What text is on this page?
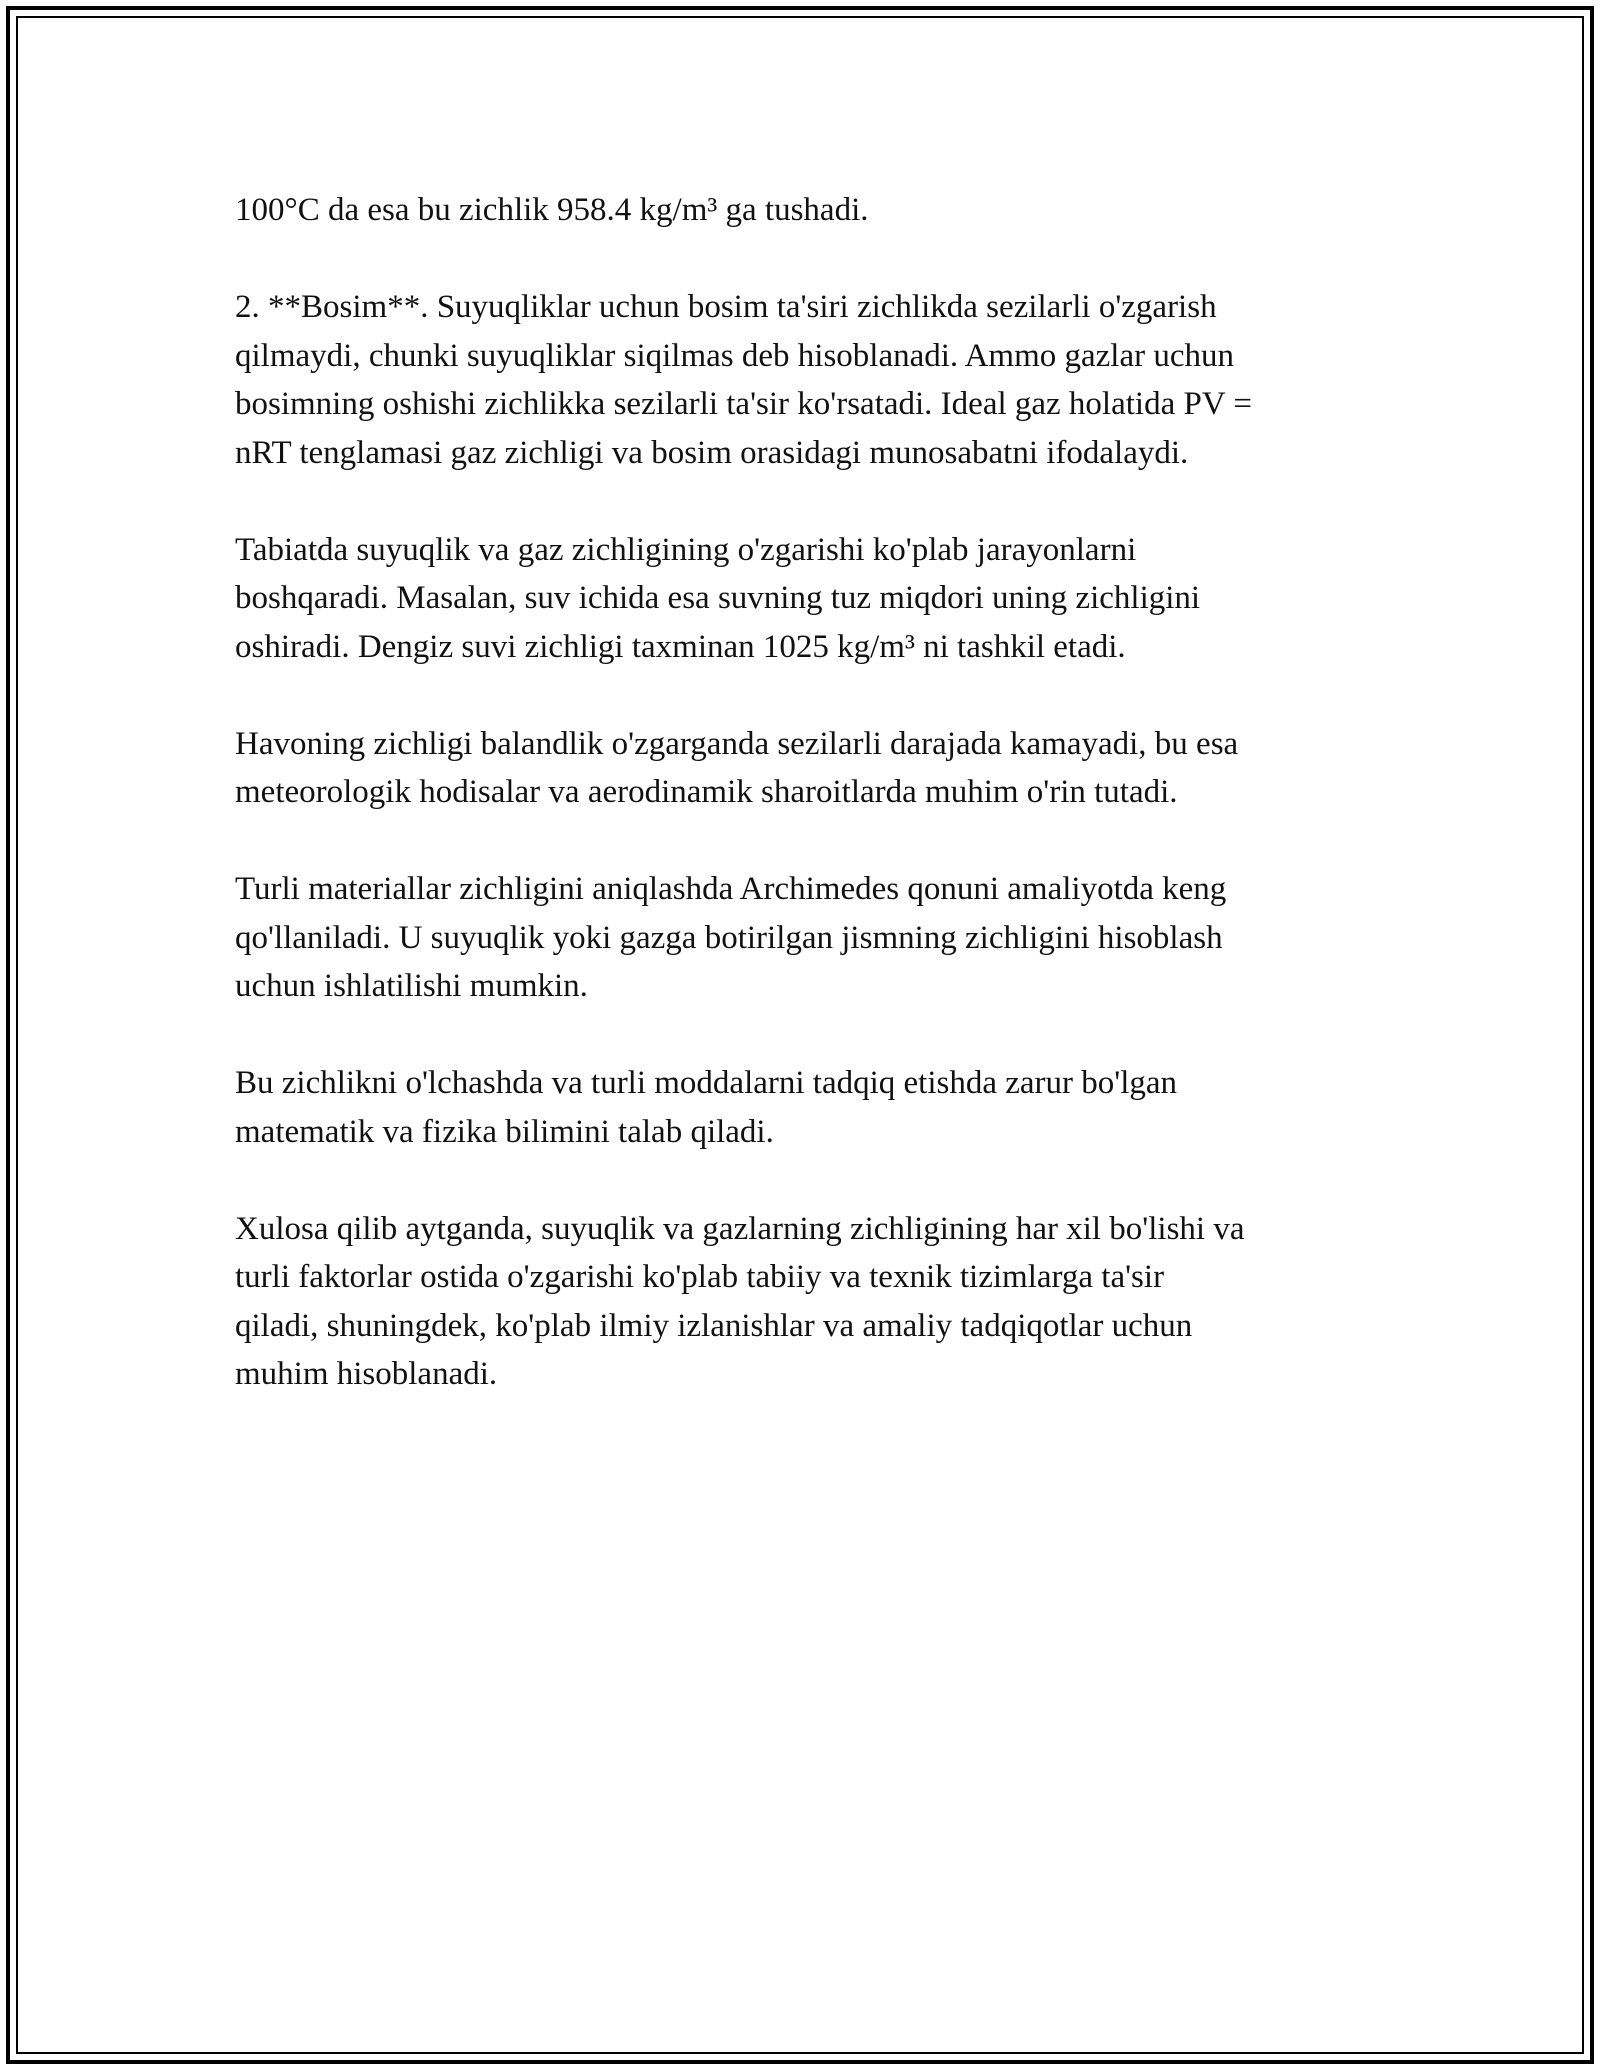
100°C da esa bu zichlik 958.4 kg/m³ ga tushadi.

2. **Bosim**. Suyuqliklar uchun bosim ta'siri zichlikda sezilarli o'zgarish
qilmaydi, chunki suyuqliklar siqilmas deb hisoblanadi. Ammo gazlar uchun
bosimning oshishi zichlikka sezilarli ta'sir ko'rsatadi. Ideal gaz holatida PV =
nRT tenglamasi gaz zichligi va bosim orasidagi munosabatni ifodalaydi.

Tabiatda suyuqlik va gaz zichligining o'zgarishi ko'plab jarayonlarni
boshqaradi. Masalan, suv ichida esa suvning tuz miqdori uning zichligini
oshiradi. Dengiz suvi zichligi taxminan 1025 kg/m³ ni tashkil etadi.

Havoning zichligi balandlik o'zgarganda sezilarli darajada kamayadi, bu esa
meteorologik hodisalar va aerodinamik sharoitlarda muhim o'rin tutadi.

Turli materiallar zichligini aniqlashda Archimedes qonuni amaliyotda keng
qo'llaniladi. U suyuqlik yoki gazga botirilgan jismning zichligini hisoblash
uchun ishlatilishi mumkin.

Bu zichlikni o'lchashda va turli moddalarni tadqiq etishda zarur bo'lgan
matematik va fizika bilimini talab qiladi.

Xulosa qilib aytganda, suyuqlik va gazlarning zichligining har xil bo'lishi va
turli faktorlar ostida o'zgarishi ko'plab tabiiy va texnik tizimlarga ta'sir
qiladi, shuningdek, ko'plab ilmiy izlanishlar va amaliy tadqiqotlar uchun
muhim hisoblanadi.
